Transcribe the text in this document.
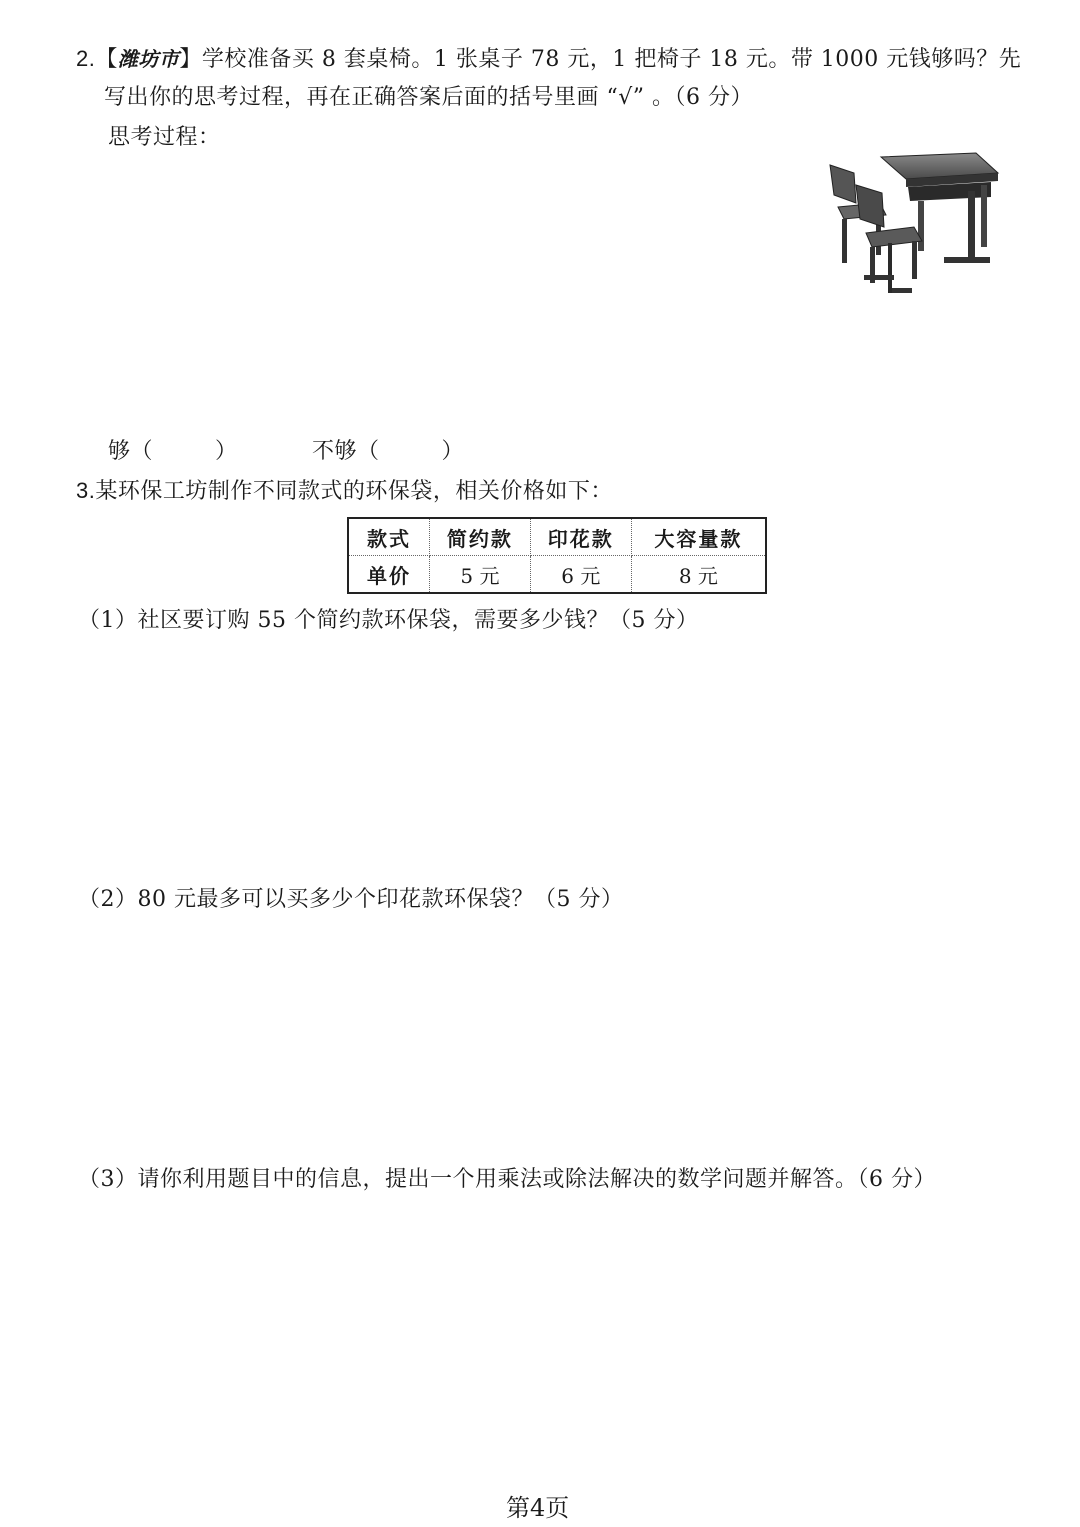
2.【潍坊市】学校准备买 8 套桌椅。1 张桌子 78 元，1 把椅子 18 元。带 1000 元钱够吗？先
写出你的思考过程，再在正确答案后面的括号里画 “√” 。（6 分）
思考过程：
够（	）	不够（	）
3.某环保工坊制作不同款式的环保袋，相关价格如下：
款式	简约款	印花款	大容量款
单价	5 元	6 元	8 元
（1）社区要订购 55 个简约款环保袋，需要多少钱？（5 分）
（2）80 元最多可以买多少个印花款环保袋？（5 分）
（3）请你利用题目中的信息，提出一个用乘法或除法解决的数学问题并解答。（6 分）
第4页
